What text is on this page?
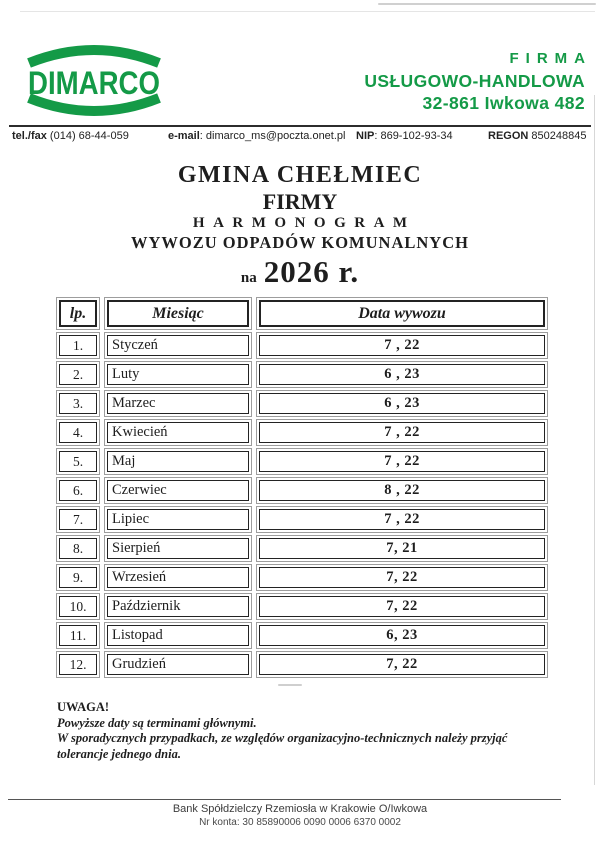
DIMARCO
FIRMA
USŁUGOWO-HANDLOWA
32-861 Iwkowa 482
tel./fax (014) 68-44-059	e-mail: dimarco_ms@poczta.onet.pl NIP: 869-102-93-34	REGON 850248845
GMINA CHEŁMIEC
FIRMY
HARMONOGRAM
WYWOZU ODPADÓW KOMUNALNYCH
na 2026 r.
lp.	Miesiąc	Data wywozu
1.	Styczeń	7 , 22
2.	Luty	6 , 23
3.	Marzec	6 , 23
4.	Kwiecień	7 , 22
5.	Maj	7 , 22
6.	Czerwiec	8 , 22
7.	Lipiec	7 , 22
8.	Sierpień	7, 21
9.	Wrzesień	7, 22
10.	Październik	7, 22
11.	Listopad	6, 23
12.	Grudzień	7, 22
UWAGA!
Powyższe daty są terminami głównymi.
W sporadycznych przypadkach, ze względów organizacyjno-technicznych należy przyjąć
tolerancje jednego dnia.
Bank Spółdzielczy Rzemiosła w Krakowie O/Iwkowa
Nr konta: 30 85890006 0090 0006 6370 0002
